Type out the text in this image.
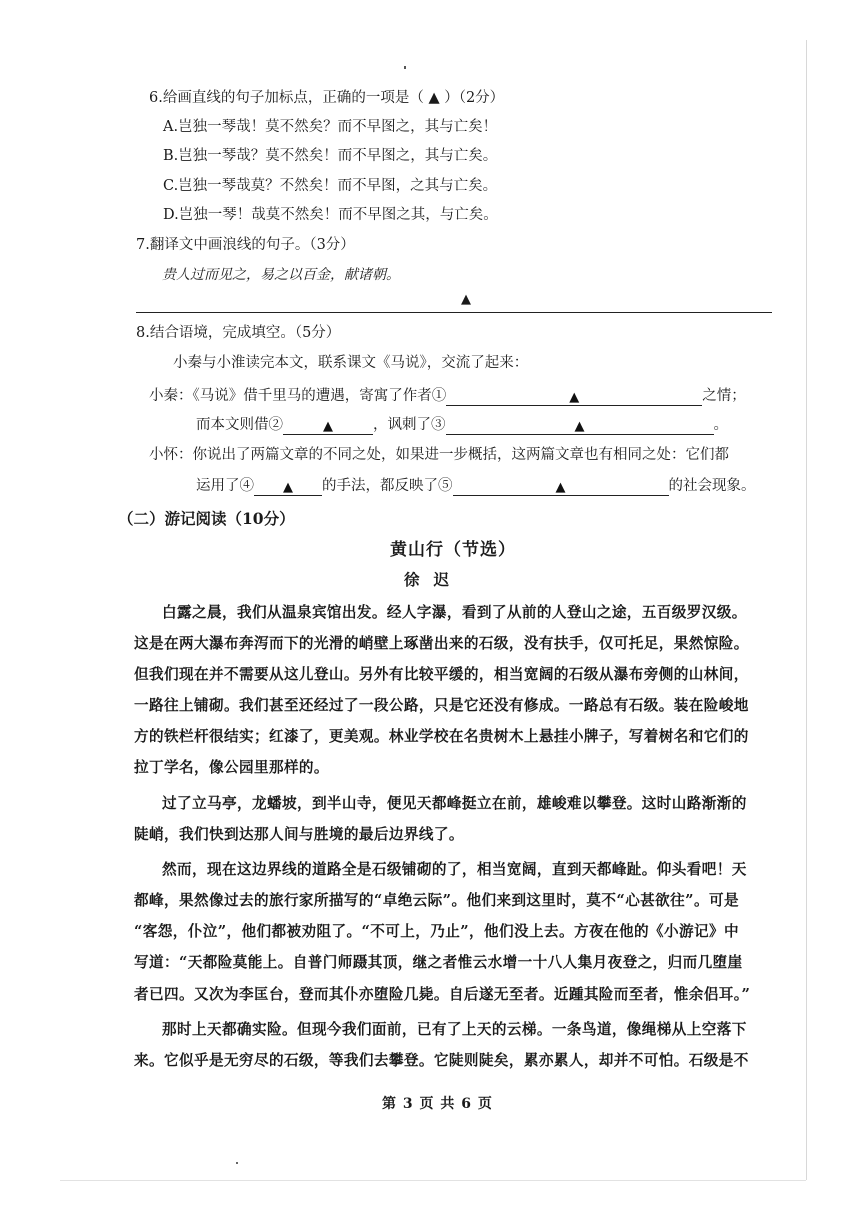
6.给画直线的句子加标点，正确的一项是（ ▲ ）（2分）
A.岂独一琴哉！莫不然矣？而不早图之，其与亡矣！
B.岂独一琴哉？莫不然矣！而不早图之，其与亡矣。
C.岂独一琴哉莫？不然矣！而不早图，之其与亡矣。
D.岂独一琴！哉莫不然矣！而不早图之其，与亡矣。
7.翻译文中画浪线的句子。（3分）
贵人过而见之，易之以百金，献诸朝。
▲
8.结合语境，完成填空。（5分）
小秦与小淮读完本文，联系课文《马说》，交流了起来：
小秦：《马说》借千里马的遭遇，寄寓了作者①	▲	之情；
而本文则借②	▲	，讽刺了③	▲	。
小怀：你说出了两篇文章的不同之处，如果进一步概括，这两篇文章也有相同之处：它们都
运用了④ ▲ 的手法，都反映了⑤	▲	的社会现象。
（二）游记阅读（10分）
黄山行（节选）
徐迟
白露之晨，我们从温泉宾馆出发。经人字瀑，看到了从前的人登山之途，五百级罗汉级。
这是在两大瀑布奔泻而下的光滑的峭壁上琢凿出来的石级，没有扶手，仅可托足，果然惊险。
但我们现在并不需要从这儿登山。另外有比较平缓的，相当宽阔的石级从瀑布旁侧的山林间，
一路往上铺砌。我们甚至还经过了一段公路，只是它还没有修成。一路总有石级。装在险峻地
方的铁栏杆很结实；红漆了，更美观。林业学校在名贵树木上悬挂小牌子，写着树名和它们的
拉丁学名，像公园里那样的。
过了立马亭，龙蟠坡，到半山寺，便见天都峰挺立在前，雄峻难以攀登。这时山路渐渐的
陡峭，我们快到达那人间与胜境的最后边界线了。
然而，现在这边界线的道路全是石级铺砌的了，相当宽阔，直到天都峰趾。仰头看吧！天
都峰，果然像过去的旅行家所描写的“卓绝云际”。他们来到这里时，莫不“心甚欲往”。可是
“客怨，仆泣”，他们都被劝阻了。“不可上，乃止”，他们没上去。方夜在他的《小游记》中
写道：“天都险莫能上。自普门师蹑其顶，继之者惟云水增一十八人集月夜登之，归而几堕崖
者已四。又次为李匡台，登而其仆亦堕险几毙。自后遂无至者。近踵其险而至者，惟余侣耳。”
那时上天都确实险。但现今我们面前，已有了上天的云梯。一条鸟道，像绳梯从上空落下
来。它似乎是无穷尽的石级，等我们去攀登。它陡则陡矣，累亦累人，却并不可怕。石级是不
第 3 页 共 6 页
